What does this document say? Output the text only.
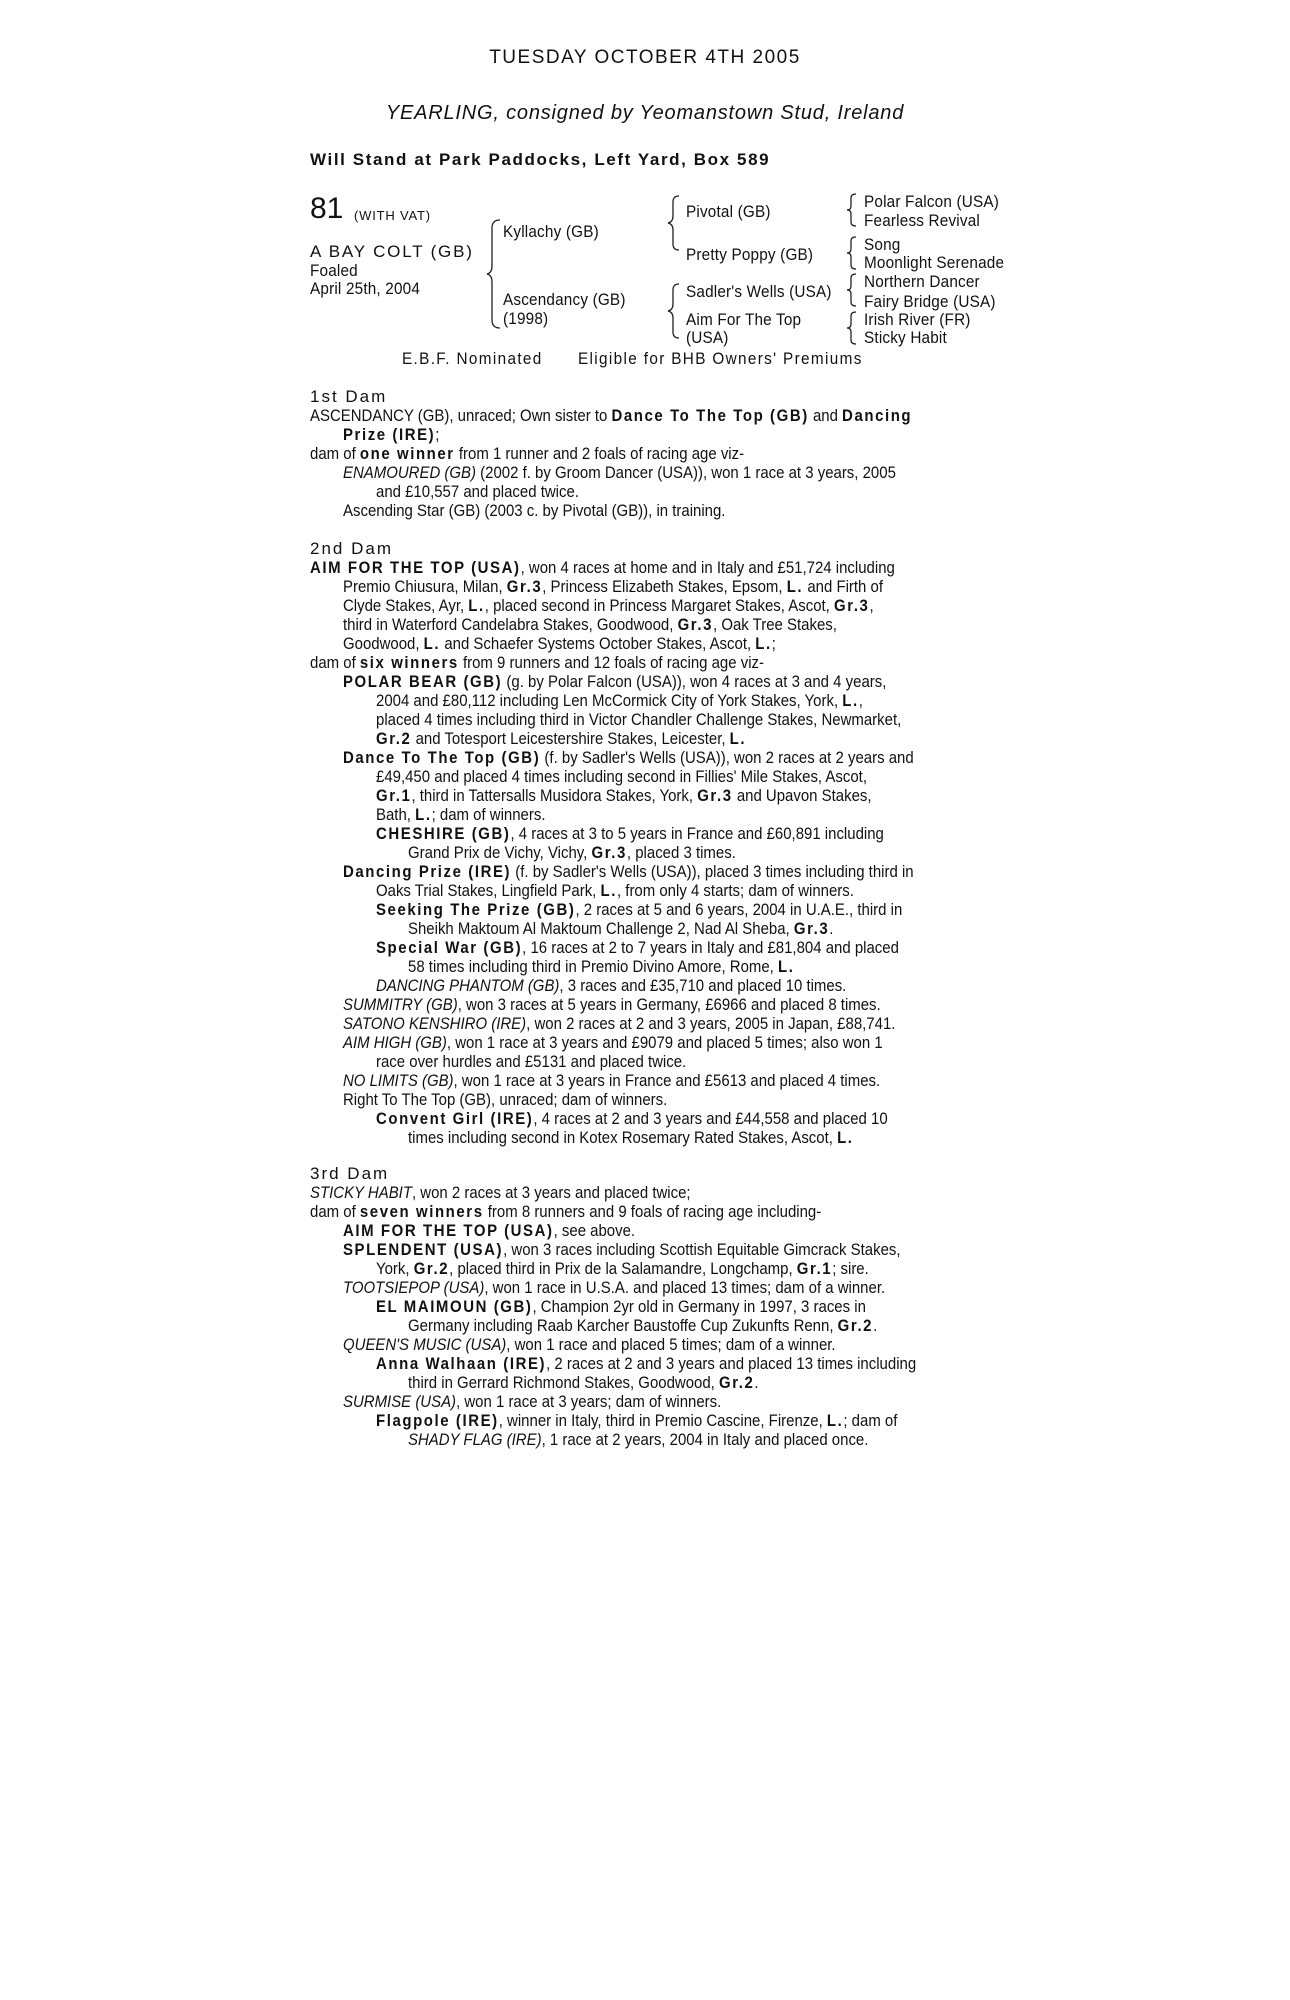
TUESDAY OCTOBER 4TH 2005
YEARLING, consigned by Yeomanstown Stud, Ireland
Will Stand at Park Paddocks, Left Yard, Box 589
81 (WITH VAT)
A BAY COLT (GB)
Foaled
April 25th, 2004
Kyllachy (GB)
Ascendancy (GB)
(1998)
Pivotal (GB)
Pretty Poppy (GB)
Sadler's Wells (USA)
Aim For The Top
(USA)
Polar Falcon (USA)
Fearless Revival
Song
Moonlight Serenade
Northern Dancer
Fairy Bridge (USA)
Irish River (FR)
Sticky Habit
E.B.F. Nominated Eligible for BHB Owners' Premiums
1st Dam
2nd Dam
3rd Dam
ASCENDANCY (GB), unraced; Own sister to Dance To The Top (GB) and Dancing
Prize (IRE);
dam of one winner from 1 runner and 2 foals of racing age viz-
ENAMOURED (GB) (2002 f. by Groom Dancer (USA)), won 1 race at 3 years, 2005
and £10,557 and placed twice.
Ascending Star (GB) (2003 c. by Pivotal (GB)), in training.
AIM FOR THE TOP (USA), won 4 races at home and in Italy and £51,724 including
Premio Chiusura, Milan, Gr.3, Princess Elizabeth Stakes, Epsom, L. and Firth of
Clyde Stakes, Ayr, L., placed second in Princess Margaret Stakes, Ascot, Gr.3,
third in Waterford Candelabra Stakes, Goodwood, Gr.3, Oak Tree Stakes,
Goodwood, L. and Schaefer Systems October Stakes, Ascot, L.;
dam of six winners from 9 runners and 12 foals of racing age viz-
POLAR BEAR (GB) (g. by Polar Falcon (USA)), won 4 races at 3 and 4 years,
2004 and £80,112 including Len McCormick City of York Stakes, York, L.,
placed 4 times including third in Victor Chandler Challenge Stakes, Newmarket,
Gr.2 and Totesport Leicestershire Stakes, Leicester, L.
Dance To The Top (GB) (f. by Sadler's Wells (USA)), won 2 races at 2 years and
£49,450 and placed 4 times including second in Fillies' Mile Stakes, Ascot,
Gr.1, third in Tattersalls Musidora Stakes, York, Gr.3 and Upavon Stakes,
Bath, L.; dam of winners.
CHESHIRE (GB), 4 races at 3 to 5 years in France and £60,891 including
Grand Prix de Vichy, Vichy, Gr.3, placed 3 times.
Dancing Prize (IRE) (f. by Sadler's Wells (USA)), placed 3 times including third in
Oaks Trial Stakes, Lingfield Park, L., from only 4 starts; dam of winners.
Seeking The Prize (GB), 2 races at 5 and 6 years, 2004 in U.A.E., third in
Sheikh Maktoum Al Maktoum Challenge 2, Nad Al Sheba, Gr.3.
Special War (GB), 16 races at 2 to 7 years in Italy and £81,804 and placed
58 times including third in Premio Divino Amore, Rome, L.
DANCING PHANTOM (GB), 3 races and £35,710 and placed 10 times.
SUMMITRY (GB), won 3 races at 5 years in Germany, £6966 and placed 8 times.
SATONO KENSHIRO (IRE), won 2 races at 2 and 3 years, 2005 in Japan, £88,741.
AIM HIGH (GB), won 1 race at 3 years and £9079 and placed 5 times; also won 1
race over hurdles and £5131 and placed twice.
NO LIMITS (GB), won 1 race at 3 years in France and £5613 and placed 4 times.
Right To The Top (GB), unraced; dam of winners.
Convent Girl (IRE), 4 races at 2 and 3 years and £44,558 and placed 10
times including second in Kotex Rosemary Rated Stakes, Ascot, L.
STICKY HABIT, won 2 races at 3 years and placed twice;
dam of seven winners from 8 runners and 9 foals of racing age including-
AIM FOR THE TOP (USA), see above.
SPLENDENT (USA), won 3 races including Scottish Equitable Gimcrack Stakes,
York, Gr.2, placed third in Prix de la Salamandre, Longchamp, Gr.1; sire.
TOOTSIEPOP (USA), won 1 race in U.S.A. and placed 13 times; dam of a winner.
EL MAIMOUN (GB), Champion 2yr old in Germany in 1997, 3 races in
Germany including Raab Karcher Baustoffe Cup Zukunfts Renn, Gr.2.
QUEEN'S MUSIC (USA), won 1 race and placed 5 times; dam of a winner.
Anna Walhaan (IRE), 2 races at 2 and 3 years and placed 13 times including
third in Gerrard Richmond Stakes, Goodwood, Gr.2.
SURMISE (USA), won 1 race at 3 years; dam of winners.
Flagpole (IRE), winner in Italy, third in Premio Cascine, Firenze, L.; dam of
SHADY FLAG (IRE), 1 race at 2 years, 2004 in Italy and placed once.
